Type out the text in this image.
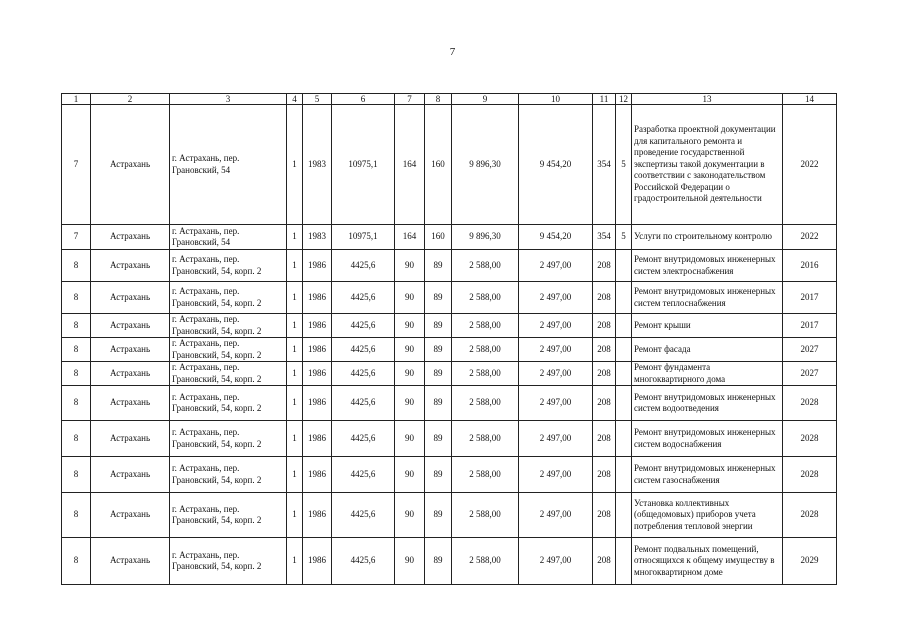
7
1	2	3	4	5	6	7	8	9	10	11	12	13	14
7	Астрахань	г. Астрахань, пер. Грановский, 54	1	1983	10975,1	164	160	9 896,30	9 454,20	354	5	Разработка проектной документации для капитального ремонта и проведение государственной экспертизы такой документации в соответствии с законодательством Российской Федерации о градостроительной деятельности	2022
7	Астрахань	г. Астрахань, пер. Грановский, 54	1	1983	10975,1	164	160	9 896,30	9 454,20	354	5	Услуги по строительному контролю	2022
8	Астрахань	г. Астрахань, пер. Грановский, 54, корп. 2	1	1986	4425,6	90	89	2 588,00	2 497,00	208		Ремонт внутридомовых инженерных систем электроснабжения	2016
8	Астрахань	г. Астрахань, пер. Грановский, 54, корп. 2	1	1986	4425,6	90	89	2 588,00	2 497,00	208		Ремонт внутридомовых инженерных систем теплоснабжения	2017
8	Астрахань	г. Астрахань, пер. Грановский, 54, корп. 2	1	1986	4425,6	90	89	2 588,00	2 497,00	208		Ремонт крыши	2017
8	Астрахань	г. Астрахань, пер. Грановский, 54, корп. 2	1	1986	4425,6	90	89	2 588,00	2 497,00	208		Ремонт фасада	2027
8	Астрахань	г. Астрахань, пер. Грановский, 54, корп. 2	1	1986	4425,6	90	89	2 588,00	2 497,00	208		Ремонт фундамента многоквартирного дома	2027
8	Астрахань	г. Астрахань, пер. Грановский, 54, корп. 2	1	1986	4425,6	90	89	2 588,00	2 497,00	208		Ремонт внутридомовых инженерных систем водоотведения	2028
8	Астрахань	г. Астрахань, пер. Грановский, 54, корп. 2	1	1986	4425,6	90	89	2 588,00	2 497,00	208		Ремонт внутридомовых инженерных систем водоснабжения	2028
8	Астрахань	г. Астрахань, пер. Грановский, 54, корп. 2	1	1986	4425,6	90	89	2 588,00	2 497,00	208		Ремонт внутридомовых инженерных систем газоснабжения	2028
8	Астрахань	г. Астрахань, пер. Грановский, 54, корп. 2	1	1986	4425,6	90	89	2 588,00	2 497,00	208		Установка коллективных (общедомовых) приборов учета потребления тепловой энергии	2028
8	Астрахань	г. Астрахань, пер. Грановский, 54, корп. 2	1	1986	4425,6	90	89	2 588,00	2 497,00	208		Ремонт подвальных помещений, относящихся к общему имуществу в многоквартирном доме	2029
